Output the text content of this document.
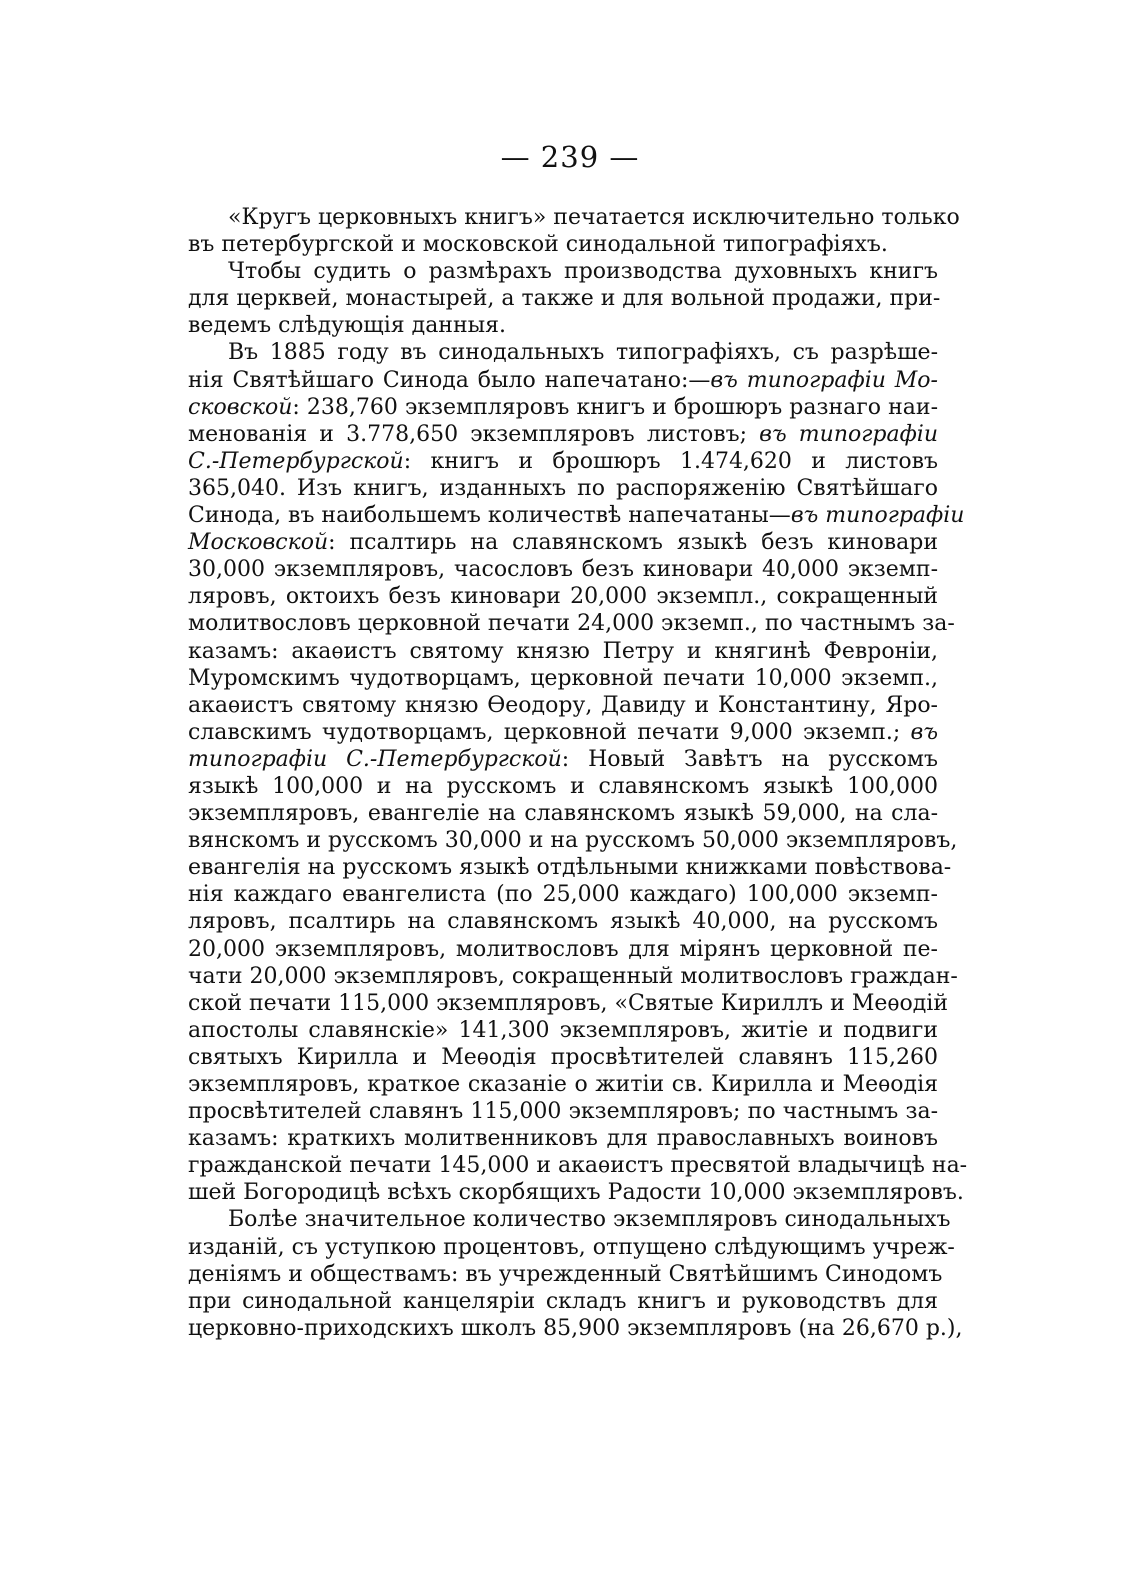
— 239 —
«Кругъ церковныхъ книгъ» печатается исключительно только
въ петербургской и московской синодальной типографіяхъ.
Чтобы судить о размѣрахъ производства духовныхъ книгъ
для церквей, монастырей, а также и для вольной продажи, при-
ведемъ слѣдующія данныя.
Въ 1885 году въ синодальныхъ типографіяхъ, съ разрѣше-
нія Святѣйшаго Синода было напечатано:—въ типографіи Мо-
сковской: 238,760 экземпляровъ книгъ и брошюръ разнаго наи-
менованія и 3.778,650 экземпляровъ листовъ; въ типографіи
С.-Петербургской: книгъ и брошюръ 1.474,620 и листовъ
365,040. Изъ книгъ, изданныхъ по распоряженію Святѣйшаго
Синода, въ наибольшемъ количествѣ напечатаны—въ типографіи
Московской: псалтирь на славянскомъ языкѣ безъ киновари
30,000 экземпляровъ, часословъ безъ киновари 40,000 экземп-
ляровъ, октоихъ безъ киновари 20,000 экземпл., сокращенный
молитвословъ церковной печати 24,000 экземп., по частнымъ за-
казамъ: акаѳистъ святому князю Петру и княгинѣ Февроніи,
Муромскимъ чудотворцамъ, церковной печати 10,000 экземп.,
акаѳистъ святому князю Ѳеодору, Давиду и Константину, Яро-
славскимъ чудотворцамъ, церковной печати 9,000 экземп.; въ
типографіи С.-Петербургской: Новый Завѣтъ на русскомъ
языкѣ 100,000 и на русскомъ и славянскомъ языкѣ 100,000
экземпляровъ, евангеліе на славянскомъ языкѣ 59,000, на сла-
вянскомъ и русскомъ 30,000 и на русскомъ 50,000 экземпляровъ,
евангелія на русскомъ языкѣ отдѣльными книжками повѣствова-
нія каждаго евангелиста (по 25,000 каждаго) 100,000 экземп-
ляровъ, псалтирь на славянскомъ языкѣ 40,000, на русскомъ
20,000 экземпляровъ, молитвословъ для мірянъ церковной пе-
чати 20,000 экземпляровъ, сокращенный молитвословъ граждан-
ской печати 115,000 экземпляровъ, «Святые Кириллъ и Меѳодій
апостолы славянскіе» 141,300 экземпляровъ, житіе и подвиги
святыхъ Кирилла и Меѳодія просвѣтителей славянъ 115,260
экземпляровъ, краткое сказаніе о житіи св. Кирилла и Меѳодія
просвѣтителей славянъ 115,000 экземпляровъ; по частнымъ за-
казамъ: краткихъ молитвенниковъ для православныхъ воиновъ
гражданской печати 145,000 и акаѳистъ пресвятой владычицѣ на-
шей Богородицѣ всѣхъ скорбящихъ Радости 10,000 экземпляровъ.
Болѣе значительное количество экземпляровъ синодальныхъ
изданій, съ уступкою процентовъ, отпущено слѣдующимъ учреж-
деніямъ и обществамъ: въ учрежденный Святѣйшимъ Синодомъ
при синодальной канцеляріи складъ книгъ и руководствъ для
церковно-приходскихъ школъ 85,900 экземпляровъ (на 26,670 р.),
